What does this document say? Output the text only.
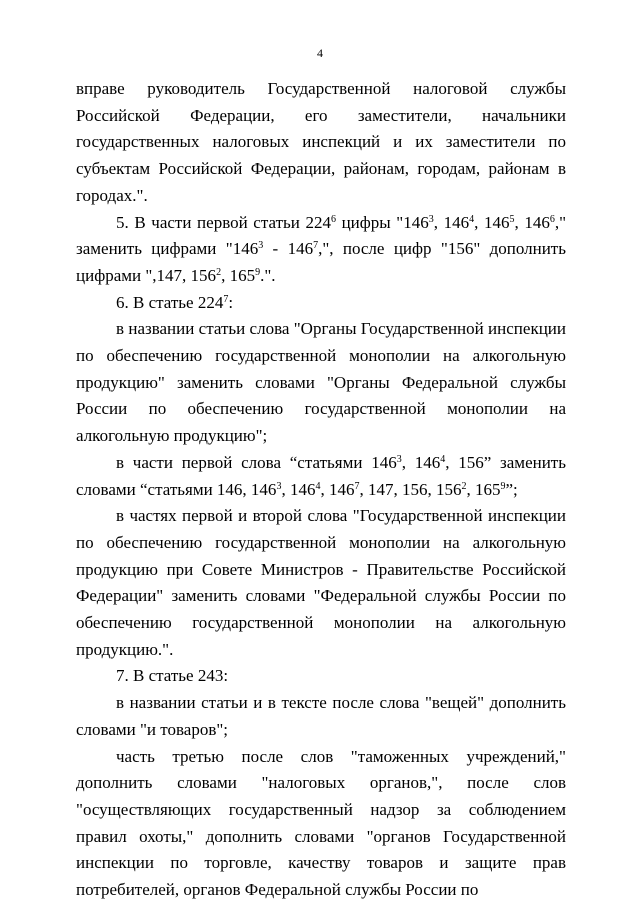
4

вправе руководитель Государственной налоговой службы Российской Федерации, его заместители, начальники государственных налоговых инспекций и их заместители по субъектам Российской Федерации, районам, городам, районам в городах.".

5. В части первой статьи $224^6$ цифры "$146^3$, $146^4$, $146^5$, $146^6$," заменить цифрами "$146^3 - 146^7$,", после цифр "156" дополнить цифрами ",147, $156^2$, $165^9$.".

6. В статье $224^7$:

в названии статьи слова "Органы Государственной инспекции по обеспечению государственной монополии на алкогольную продукцию" заменить словами "Органы Федеральной службы России по обеспечению государственной монополии на алкогольную продукцию";

в части первой слова “статьями $146^3$, $146^4$, 156” заменить словами “статьями 146, $146^3$, $146^4$, $146^7$, 147, 156, $156^2$, $165^9$”;

в частях первой и второй слова "Государственной инспекции по обеспечению государственной монополии на алкогольную продукцию при Совете Министров - Правительстве Российской Федерации" заменить словами "Федеральной службы России по обеспечению государственной монополии на алкогольную продукцию.".

7. В статье 243:

в названии статьи и в тексте после слова "вещей" дополнить словами "и товаров";

часть третью после слов "таможенных учреждений," дополнить словами "налоговых органов,", после слов "осуществляющих государственный надзор за соблюдением правил охоты," дополнить словами "органов Государственной инспекции по торговле, качеству товаров и защите прав потребителей, органов Федеральной службы России по
